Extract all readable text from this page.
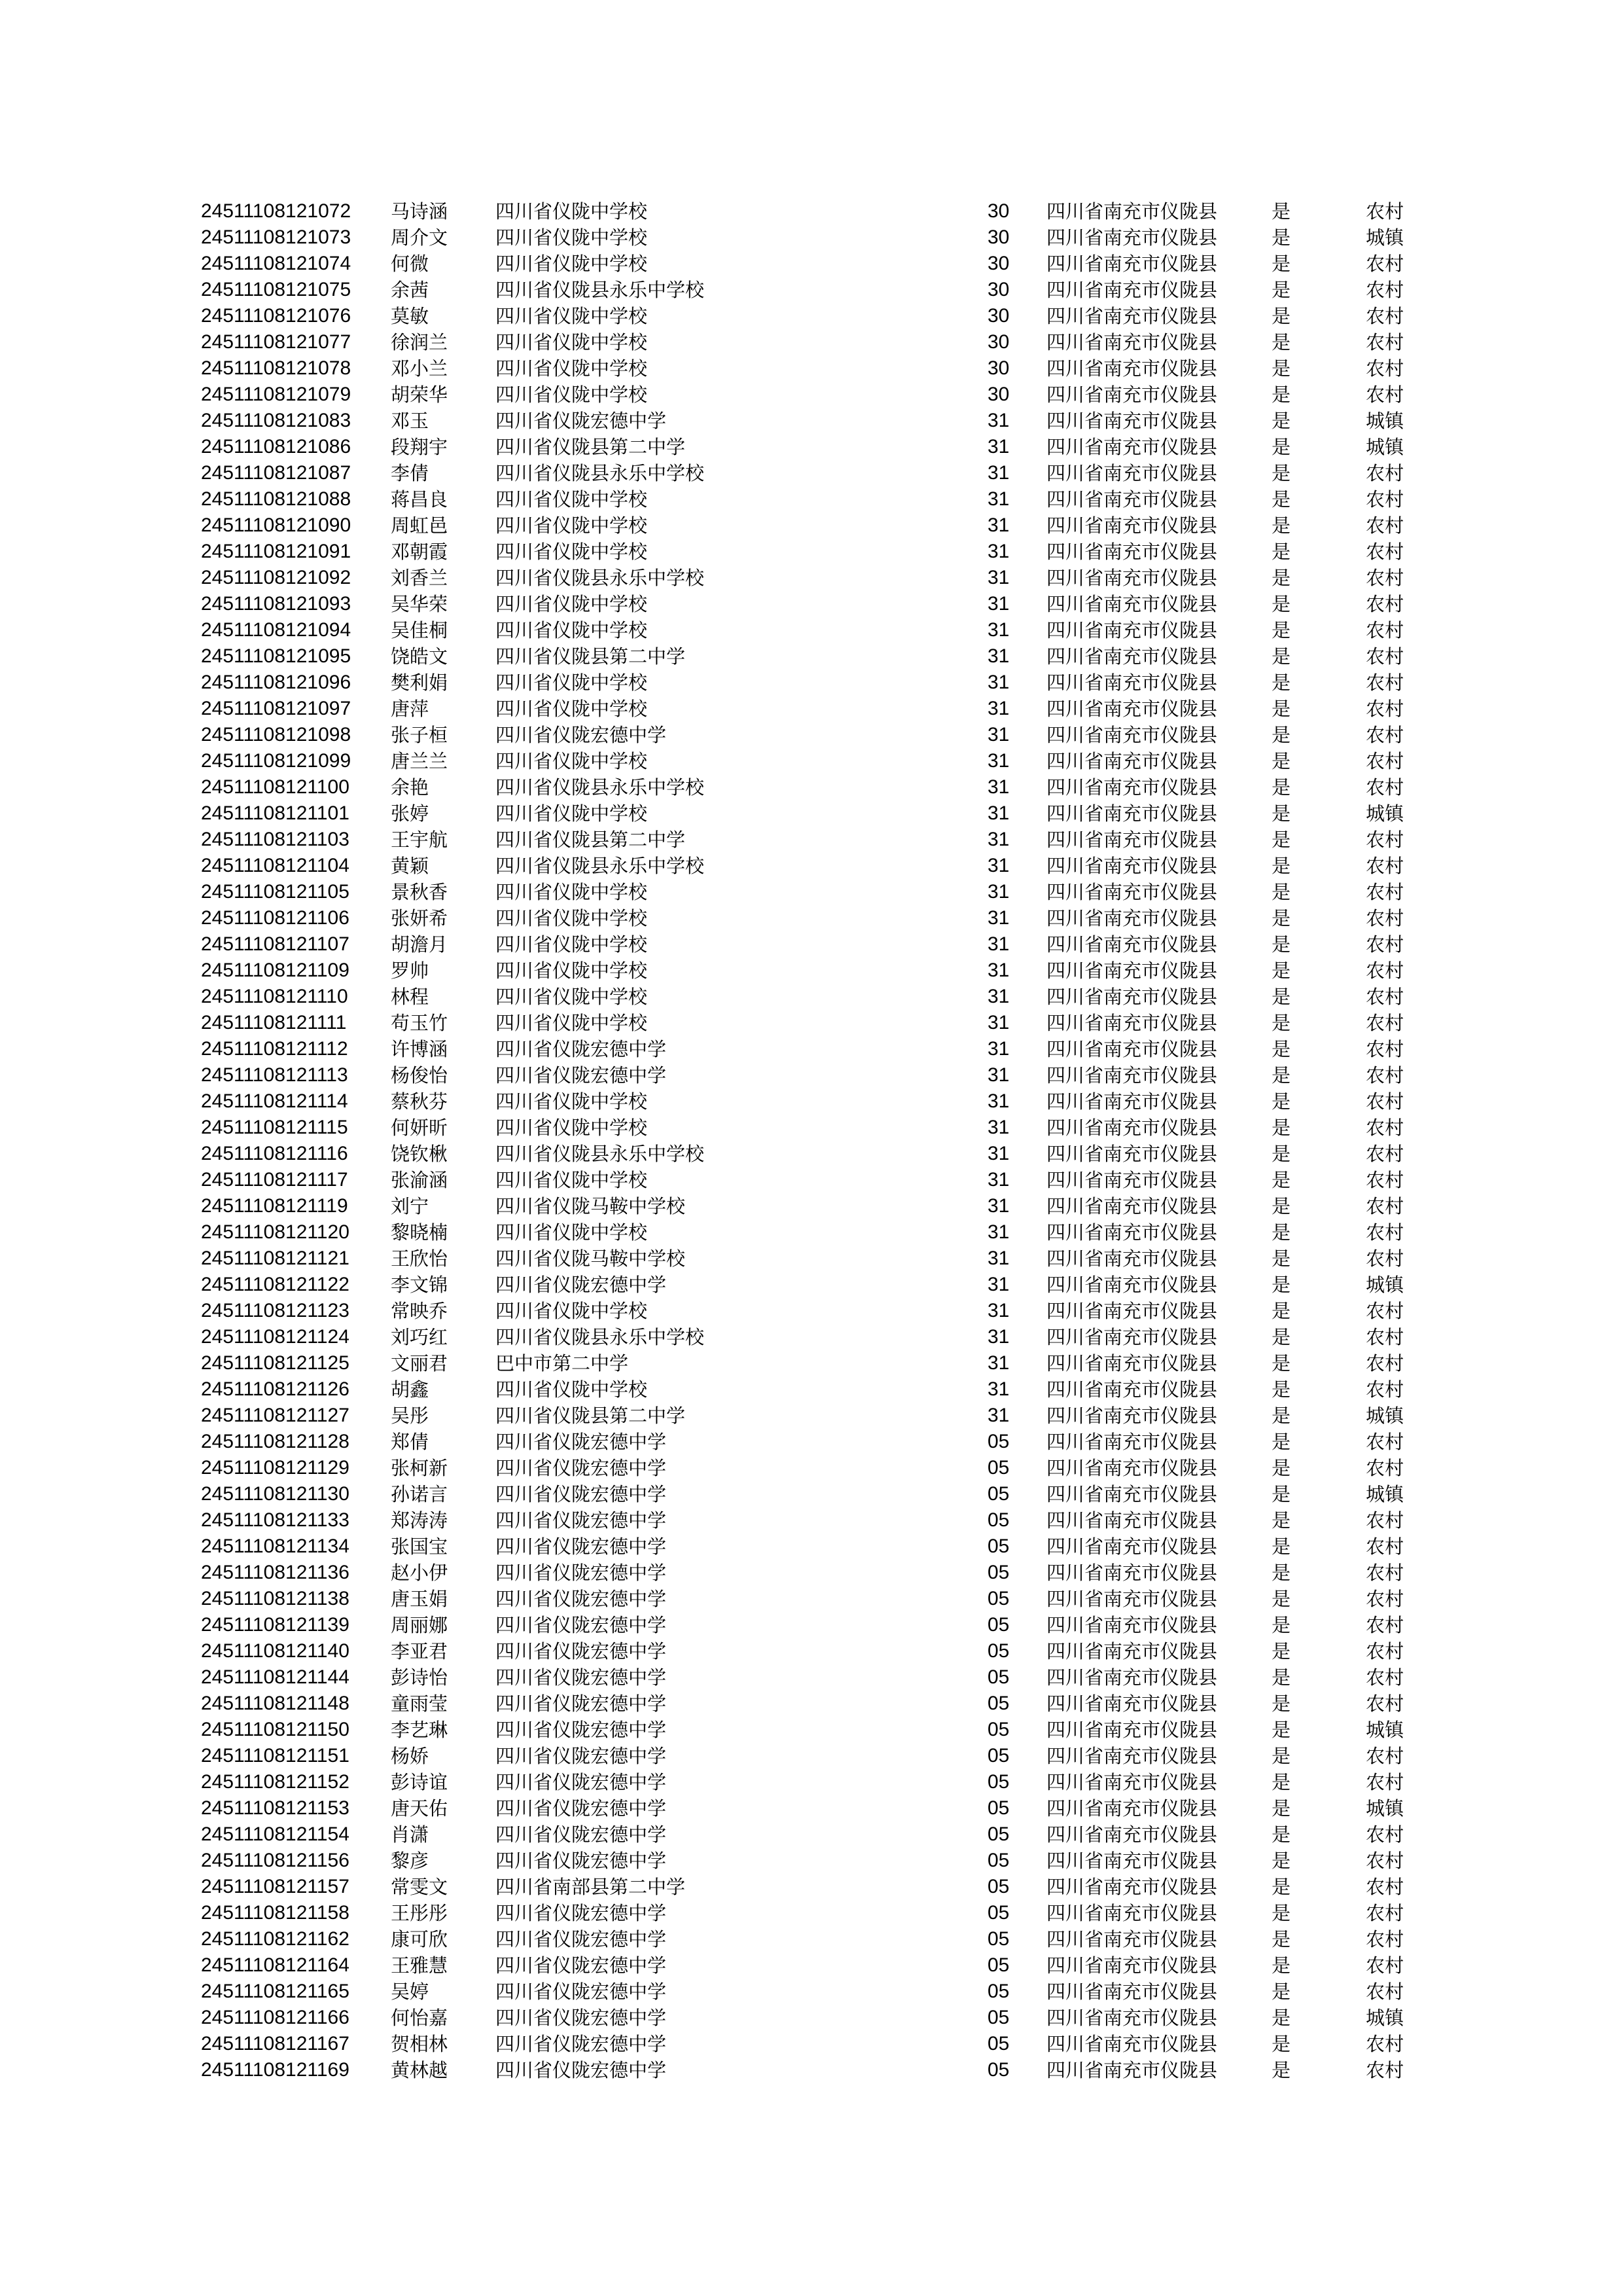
24511108121072 马诗涵	四川省仪陇中学校	30 四川省南充市仪陇县	是	农村
24511108121073 周介文	四川省仪陇中学校	30 四川省南充市仪陇县	是	城镇
24511108121074 何微	四川省仪陇中学校	30 四川省南充市仪陇县	是	农村
24511108121075 余茜	四川省仪陇县永乐中学校	30 四川省南充市仪陇县	是	农村
24511108121076 莫敏	四川省仪陇中学校	30 四川省南充市仪陇县	是	农村
24511108121077 徐润兰	四川省仪陇中学校	30 四川省南充市仪陇县	是	农村
24511108121078 邓小兰	四川省仪陇中学校	30 四川省南充市仪陇县	是	农村
24511108121079 胡荣华	四川省仪陇中学校	30 四川省南充市仪陇县	是	农村
24511108121083 邓玉	四川省仪陇宏德中学	31 四川省南充市仪陇县	是	城镇
24511108121086 段翔宇	四川省仪陇县第二中学	31 四川省南充市仪陇县	是	城镇
24511108121087 李倩	四川省仪陇县永乐中学校	31 四川省南充市仪陇县	是	农村
24511108121088 蒋昌良	四川省仪陇中学校	31 四川省南充市仪陇县	是	农村
24511108121090 周虹邑	四川省仪陇中学校	31 四川省南充市仪陇县	是	农村
24511108121091 邓朝霞	四川省仪陇中学校	31 四川省南充市仪陇县	是	农村
24511108121092 刘香兰	四川省仪陇县永乐中学校	31 四川省南充市仪陇县	是	农村
24511108121093 吴华荣	四川省仪陇中学校	31 四川省南充市仪陇县	是	农村
24511108121094 吴佳桐	四川省仪陇中学校	31 四川省南充市仪陇县	是	农村
24511108121095 饶皓文	四川省仪陇县第二中学	31 四川省南充市仪陇县	是	农村
24511108121096 樊利娟	四川省仪陇中学校	31 四川省南充市仪陇县	是	农村
24511108121097 唐萍	四川省仪陇中学校	31 四川省南充市仪陇县	是	农村
24511108121098 张子桓	四川省仪陇宏德中学	31 四川省南充市仪陇县	是	农村
24511108121099 唐兰兰	四川省仪陇中学校	31 四川省南充市仪陇县	是	农村
24511108121100 余艳	四川省仪陇县永乐中学校	31 四川省南充市仪陇县	是	农村
24511108121101 张婷	四川省仪陇中学校	31 四川省南充市仪陇县	是	城镇
24511108121103 王宇航	四川省仪陇县第二中学	31 四川省南充市仪陇县	是	农村
24511108121104 黄颖	四川省仪陇县永乐中学校	31 四川省南充市仪陇县	是	农村
24511108121105 景秋香	四川省仪陇中学校	31 四川省南充市仪陇县	是	农村
24511108121106 张妍希	四川省仪陇中学校	31 四川省南充市仪陇县	是	农村
24511108121107 胡澹月	四川省仪陇中学校	31 四川省南充市仪陇县	是	农村
24511108121109 罗帅	四川省仪陇中学校	31 四川省南充市仪陇县	是	农村
24511108121110 林程	四川省仪陇中学校	31 四川省南充市仪陇县	是	农村
24511108121111 苟玉竹	四川省仪陇中学校	31 四川省南充市仪陇县	是	农村
24511108121112 许博涵	四川省仪陇宏德中学	31 四川省南充市仪陇县	是	农村
24511108121113 杨俊怡	四川省仪陇宏德中学	31 四川省南充市仪陇县	是	农村
24511108121114 蔡秋芬	四川省仪陇中学校	31 四川省南充市仪陇县	是	农村
24511108121115 何妍昕	四川省仪陇中学校	31 四川省南充市仪陇县	是	农村
24511108121116 饶钦楸	四川省仪陇县永乐中学校	31 四川省南充市仪陇县	是	农村
24511108121117 张渝涵	四川省仪陇中学校	31 四川省南充市仪陇县	是	农村
24511108121119 刘宁	四川省仪陇马鞍中学校	31 四川省南充市仪陇县	是	农村
24511108121120 黎晓楠	四川省仪陇中学校	31 四川省南充市仪陇县	是	农村
24511108121121 王欣怡	四川省仪陇马鞍中学校	31 四川省南充市仪陇县	是	农村
24511108121122 李文锦	四川省仪陇宏德中学	31 四川省南充市仪陇县	是	城镇
24511108121123 常映乔	四川省仪陇中学校	31 四川省南充市仪陇县	是	农村
24511108121124 刘巧红	四川省仪陇县永乐中学校	31 四川省南充市仪陇县	是	农村
24511108121125 文丽君	巴中市第二中学	31 四川省南充市仪陇县	是	农村
24511108121126 胡鑫	四川省仪陇中学校	31 四川省南充市仪陇县	是	农村
24511108121127 吴彤	四川省仪陇县第二中学	31 四川省南充市仪陇县	是	城镇
24511108121128 郑倩	四川省仪陇宏德中学	05 四川省南充市仪陇县	是	农村
24511108121129 张柯新	四川省仪陇宏德中学	05 四川省南充市仪陇县	是	农村
24511108121130 孙诺言	四川省仪陇宏德中学	05 四川省南充市仪陇县	是	城镇
24511108121133 郑涛涛	四川省仪陇宏德中学	05 四川省南充市仪陇县	是	农村
24511108121134 张国宝	四川省仪陇宏德中学	05 四川省南充市仪陇县	是	农村
24511108121136 赵小伊	四川省仪陇宏德中学	05 四川省南充市仪陇县	是	农村
24511108121138 唐玉娟	四川省仪陇宏德中学	05 四川省南充市仪陇县	是	农村
24511108121139 周丽娜	四川省仪陇宏德中学	05 四川省南充市仪陇县	是	农村
24511108121140 李亚君	四川省仪陇宏德中学	05 四川省南充市仪陇县	是	农村
24511108121144 彭诗怡	四川省仪陇宏德中学	05 四川省南充市仪陇县	是	农村
24511108121148 童雨莹	四川省仪陇宏德中学	05 四川省南充市仪陇县	是	农村
24511108121150 李艺琳	四川省仪陇宏德中学	05 四川省南充市仪陇县	是	城镇
24511108121151 杨娇	四川省仪陇宏德中学	05 四川省南充市仪陇县	是	农村
24511108121152 彭诗谊	四川省仪陇宏德中学	05 四川省南充市仪陇县	是	农村
24511108121153 唐天佑	四川省仪陇宏德中学	05 四川省南充市仪陇县	是	城镇
24511108121154 肖潇	四川省仪陇宏德中学	05 四川省南充市仪陇县	是	农村
24511108121156 黎彦	四川省仪陇宏德中学	05 四川省南充市仪陇县	是	农村
24511108121157 常雯文	四川省南部县第二中学	05 四川省南充市仪陇县	是	农村
24511108121158 王彤彤	四川省仪陇宏德中学	05 四川省南充市仪陇县	是	农村
24511108121162 康可欣	四川省仪陇宏德中学	05 四川省南充市仪陇县	是	农村
24511108121164 王雅慧	四川省仪陇宏德中学	05 四川省南充市仪陇县	是	农村
24511108121165 吴婷	四川省仪陇宏德中学	05 四川省南充市仪陇县	是	农村
24511108121166 何怡嘉	四川省仪陇宏德中学	05 四川省南充市仪陇县	是	城镇
24511108121167 贺相林	四川省仪陇宏德中学	05 四川省南充市仪陇县	是	农村
24511108121169 黄林越	四川省仪陇宏德中学	05 四川省南充市仪陇县	是	农村
